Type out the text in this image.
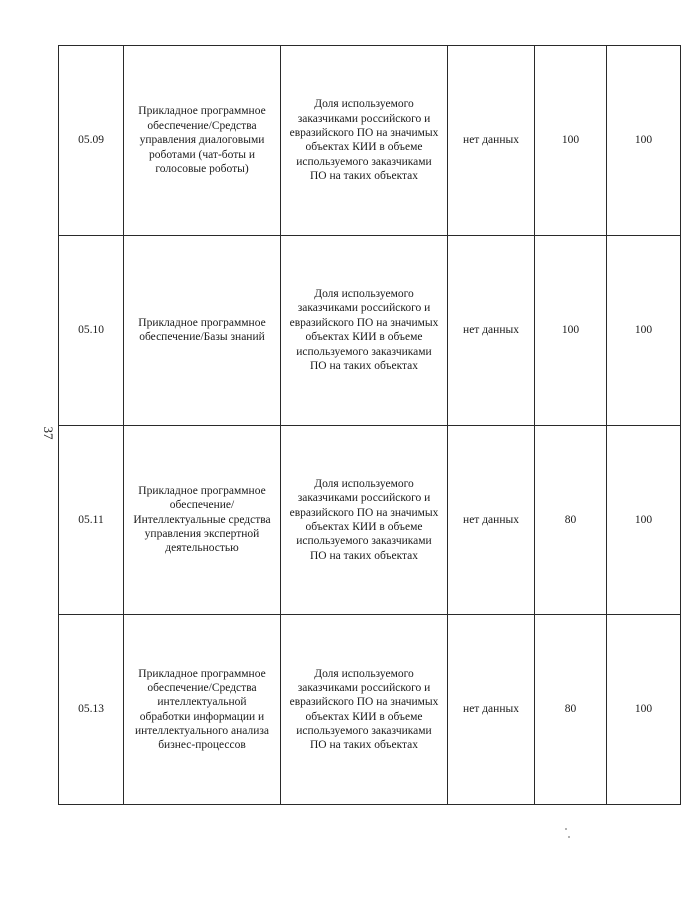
37
05.09	Прикладное программное обеспечение/Средства управления диалоговыми роботами (чат-боты и голосовые роботы)	Доля используемого заказчиками российского и евразийского ПО на значимых объектах КИИ в объеме используемого заказчиками ПО на таких объектах	нет данных	100	100
05.10	Прикладное программное обеспечение/Базы знаний	Доля используемого заказчиками российского и евразийского ПО на значимых объектах КИИ в объеме используемого заказчиками ПО на таких объектах	нет данных	100	100
05.11	Прикладное программное обеспечение/Интеллектуальные средства управления экспертной деятельностью	Доля используемого заказчиками российского и евразийского ПО на значимых объектах КИИ в объеме используемого заказчиками ПО на таких объектах	нет данных	80	100
05.13	Прикладное программное обеспечение/Средства интеллектуальной обработки информации и интеллектуального анализа бизнес-процессов	Доля используемого заказчиками российского и евразийского ПО на значимых объектах КИИ в объеме используемого заказчиками ПО на таких объектах	нет данных	80	100
